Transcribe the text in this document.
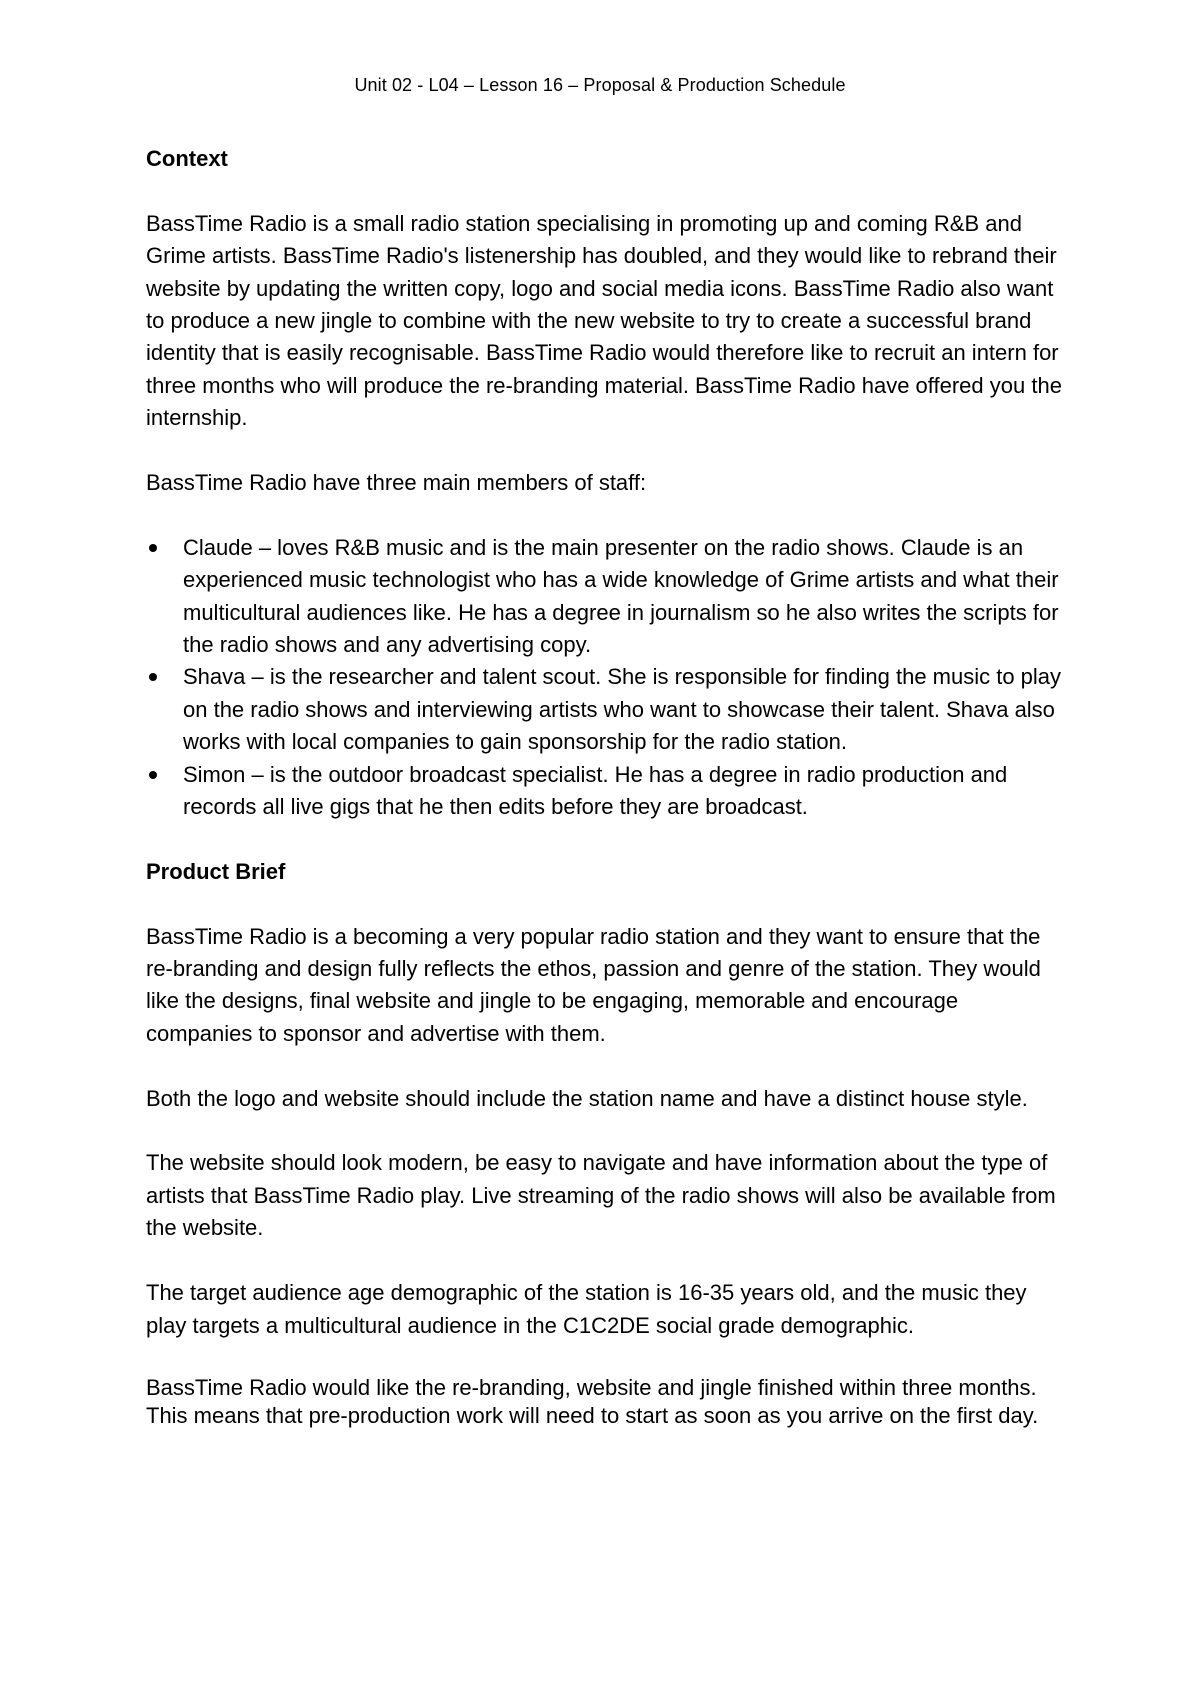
Unit 02 - L04 – Lesson 16 – Proposal & Production Schedule

Context

BassTime Radio is a small radio station specialising in promoting up and coming R&B and Grime artists. BassTime Radio's listenership has doubled, and they would like to rebrand their website by updating the written copy, logo and social media icons. BassTime Radio also want to produce a new jingle to combine with the new website to try to create a successful brand identity that is easily recognisable. BassTime Radio would therefore like to recruit an intern for three months who will produce the re-branding material. BassTime Radio have offered you the internship.

BassTime Radio have three main members of staff:

Claude – loves R&B music and is the main presenter on the radio shows. Claude is an experienced music technologist who has a wide knowledge of Grime artists and what their multicultural audiences like. He has a degree in journalism so he also writes the scripts for the radio shows and any advertising copy.
Shava – is the researcher and talent scout. She is responsible for finding the music to play on the radio shows and interviewing artists who want to showcase their talent. Shava also works with local companies to gain sponsorship for the radio station.
Simon – is the outdoor broadcast specialist. He has a degree in radio production and records all live gigs that he then edits before they are broadcast.

Product Brief

BassTime Radio is a becoming a very popular radio station and they want to ensure that the re-branding and design fully reflects the ethos, passion and genre of the station. They would like the designs, final website and jingle to be engaging, memorable and encourage companies to sponsor and advertise with them.

Both the logo and website should include the station name and have a distinct house style.

The website should look modern, be easy to navigate and have information about the type of artists that BassTime Radio play. Live streaming of the radio shows will also be available from the website.

The target audience age demographic of the station is 16-35 years old, and the music they play targets a multicultural audience in the C1C2DE social grade demographic.

BassTime Radio would like the re-branding, website and jingle finished within three months. This means that pre-production work will need to start as soon as you arrive on the first day.
